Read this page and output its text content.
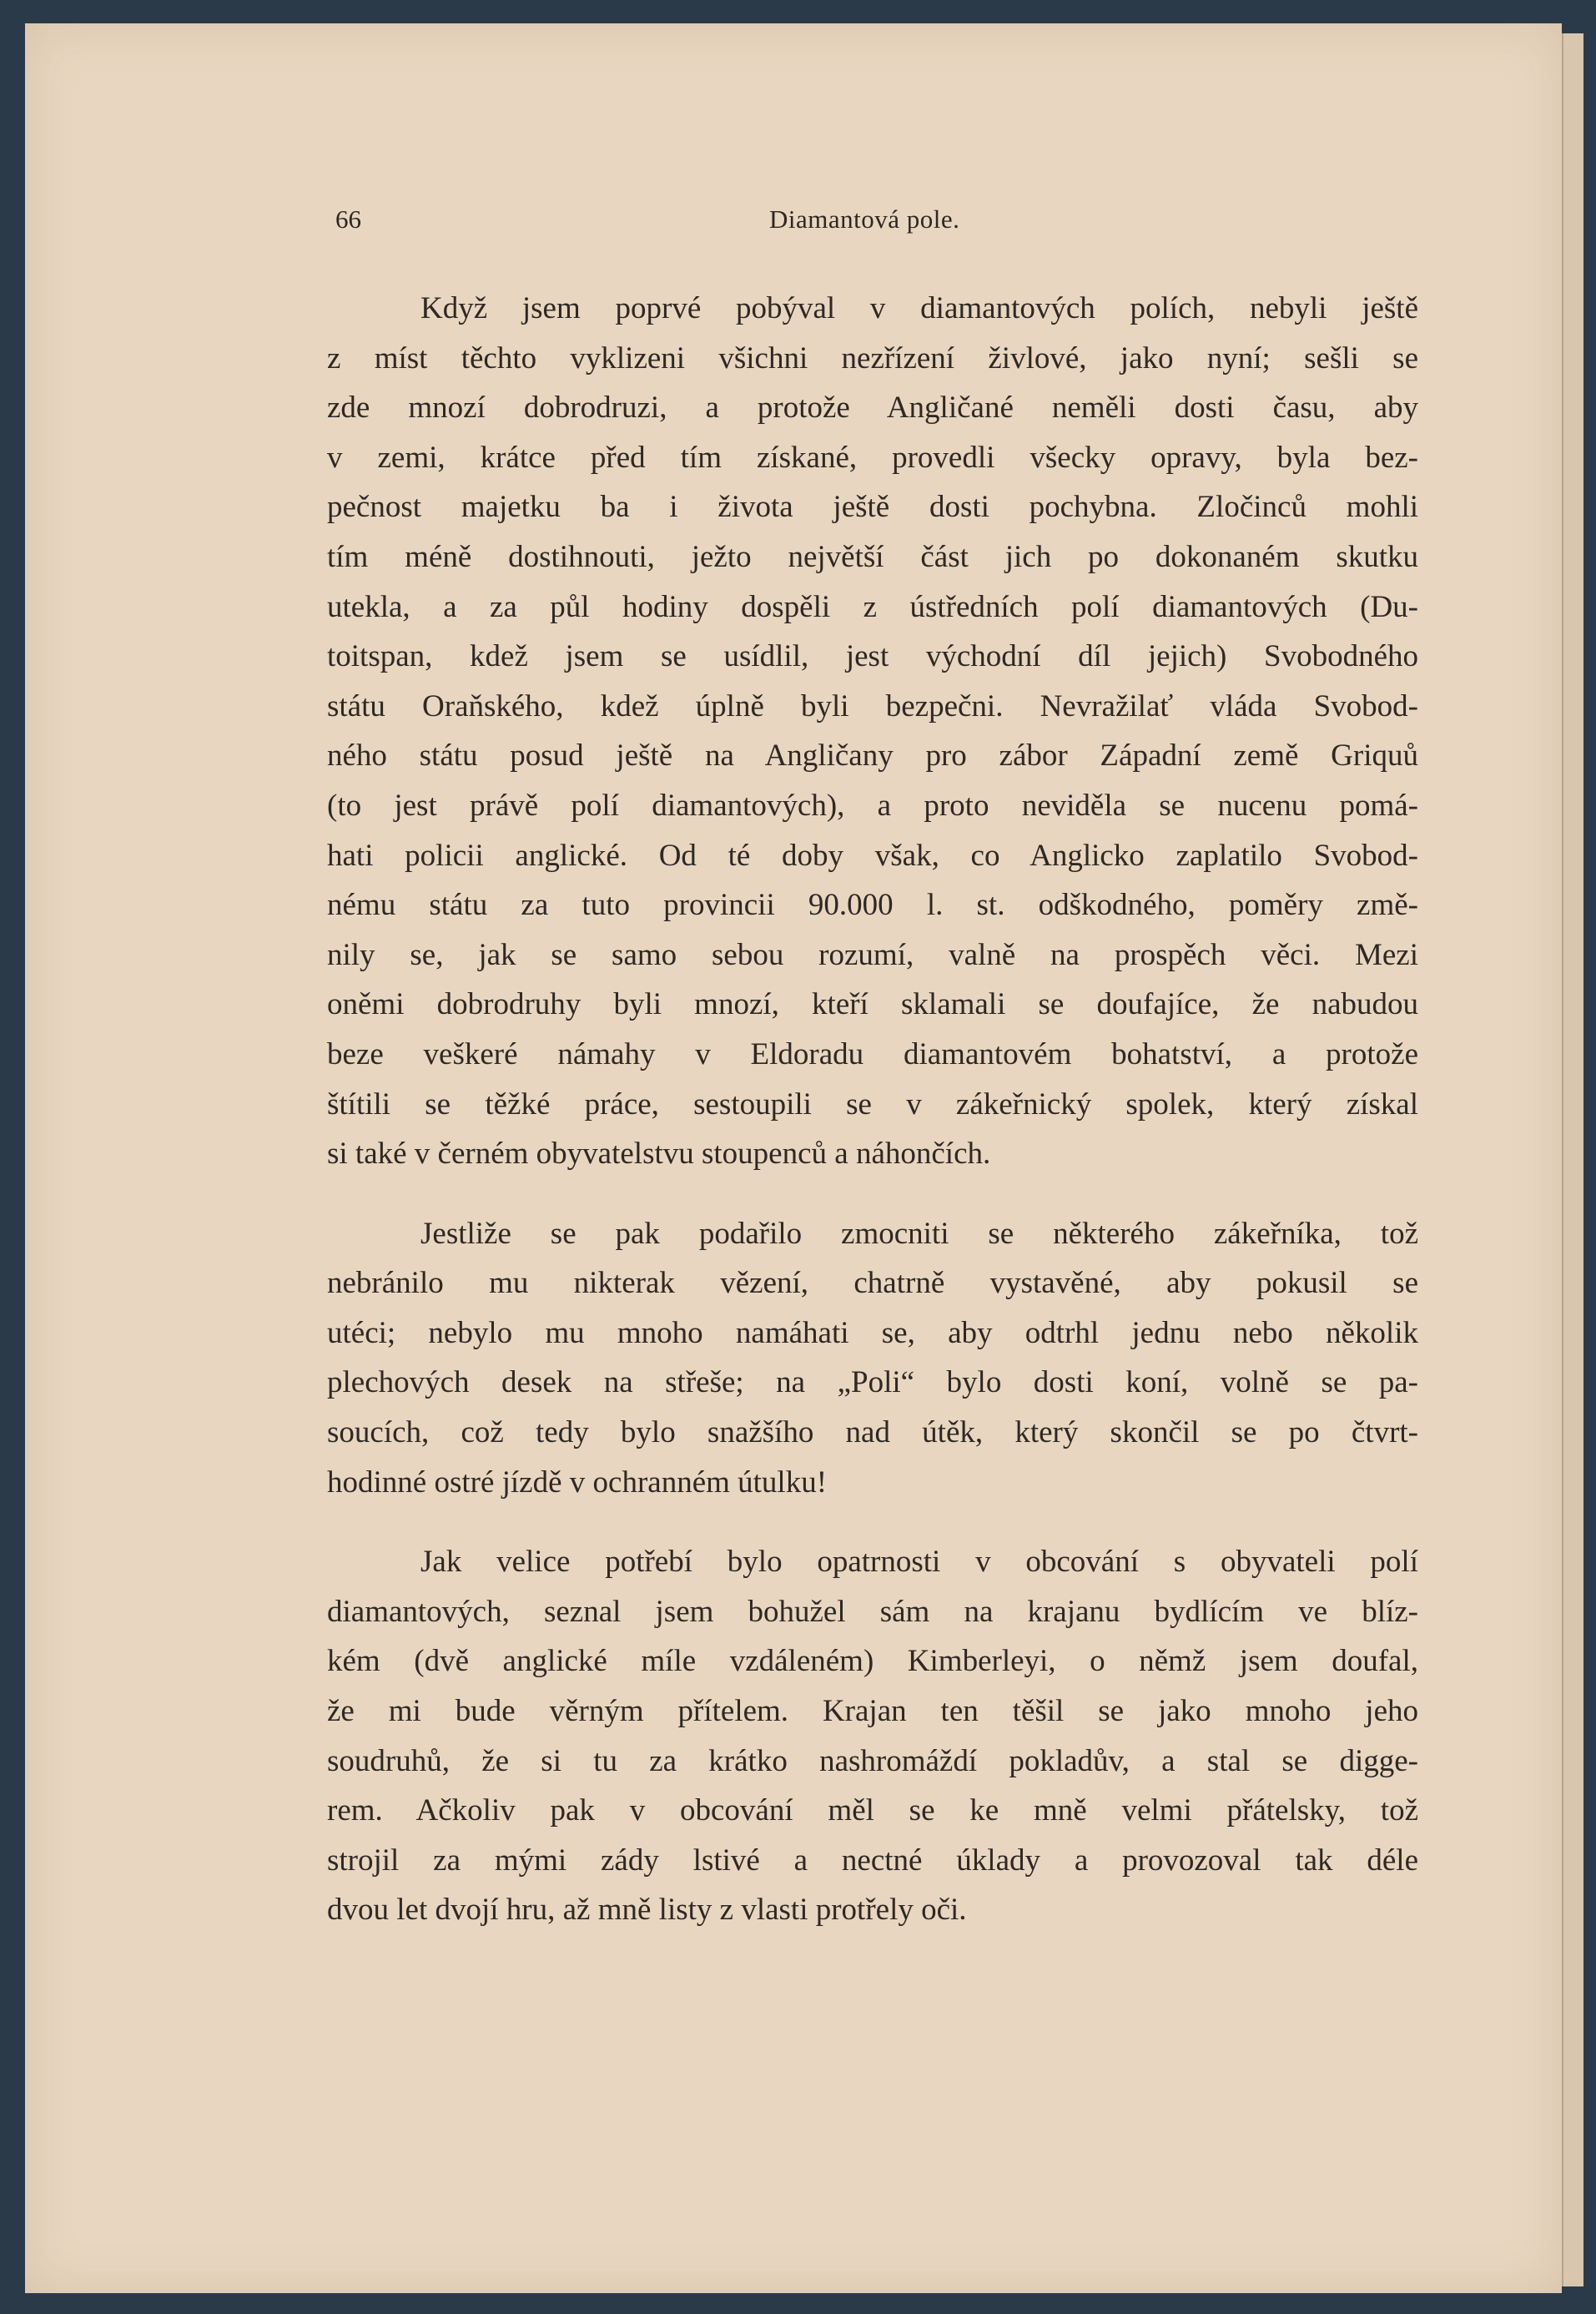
66	Diamantová pole.
Když jsem poprvé pobýval v diamantových polích, nebyli ještě
z míst těchto vyklizeni všichni nezřízení živlové, jako nyní; sešli se
zde mnozí dobrodruzi, a protože Angličané neměli dosti času, aby
v zemi, krátce před tím získané, provedli všecky opravy, byla bez-
pečnost majetku ba i života ještě dosti pochybna. Zločinců mohli
tím méně dostihnouti, ježto největší část jich po dokonaném skutku
utekla, a za půl hodiny dospěli z ústředních polí diamantových (Du-
toitspan, kdež jsem se usídlil, jest východní díl jejich) Svobodného
státu Oraňského, kdež úplně byli bezpečni. Nevražilať vláda Svobod-
ného státu posud ještě na Angličany pro zábor Západní země Griquů
(to jest právě polí diamantových), a proto neviděla se nucenu pomá-
hati policii anglické. Od té doby však, co Anglicko zaplatilo Svobod-
nému státu za tuto provincii 90.000 l. st. odškodného, poměry změ-
nily se, jak se samo sebou rozumí, valně na prospěch věci. Mezi
oněmi dobrodruhy byli mnozí, kteří sklamali se doufajíce, že nabudou
beze veškeré námahy v Eldoradu diamantovém bohatství, a protože
štítili se těžké práce, sestoupili se v zákeřnický spolek, který získal
si také v černém obyvatelstvu stoupenců a náhončích.
Jestliže se pak podařilo zmocniti se některého zákeřníka, tož
nebránilo mu nikterak vězení, chatrně vystavěné, aby pokusil se
utéci; nebylo mu mnoho namáhati se, aby odtrhl jednu nebo několik
plechových desek na střeše; na „Poli“ bylo dosti koní, volně se pa-
soucích, což tedy bylo snažšího nad útěk, který skončil se po čtvrt-
hodinné ostré jízdě v ochranném útulku!
Jak velice potřebí bylo opatrnosti v obcování s obyvateli polí
diamantových, seznal jsem bohužel sám na krajanu bydlícím ve blíz-
kém (dvě anglické míle vzdáleném) Kimberleyi, o němž jsem doufal,
že mi bude věrným přítelem. Krajan ten těšil se jako mnoho jeho
soudruhů, že si tu za krátko nashromáždí pokladův, a stal se digge-
rem. Ačkoliv pak v obcování měl se ke mně velmi přátelsky, tož
strojil za mými zády lstivé a nectné úklady a provozoval tak déle
dvou let dvojí hru, až mně listy z vlasti protřely oči.
